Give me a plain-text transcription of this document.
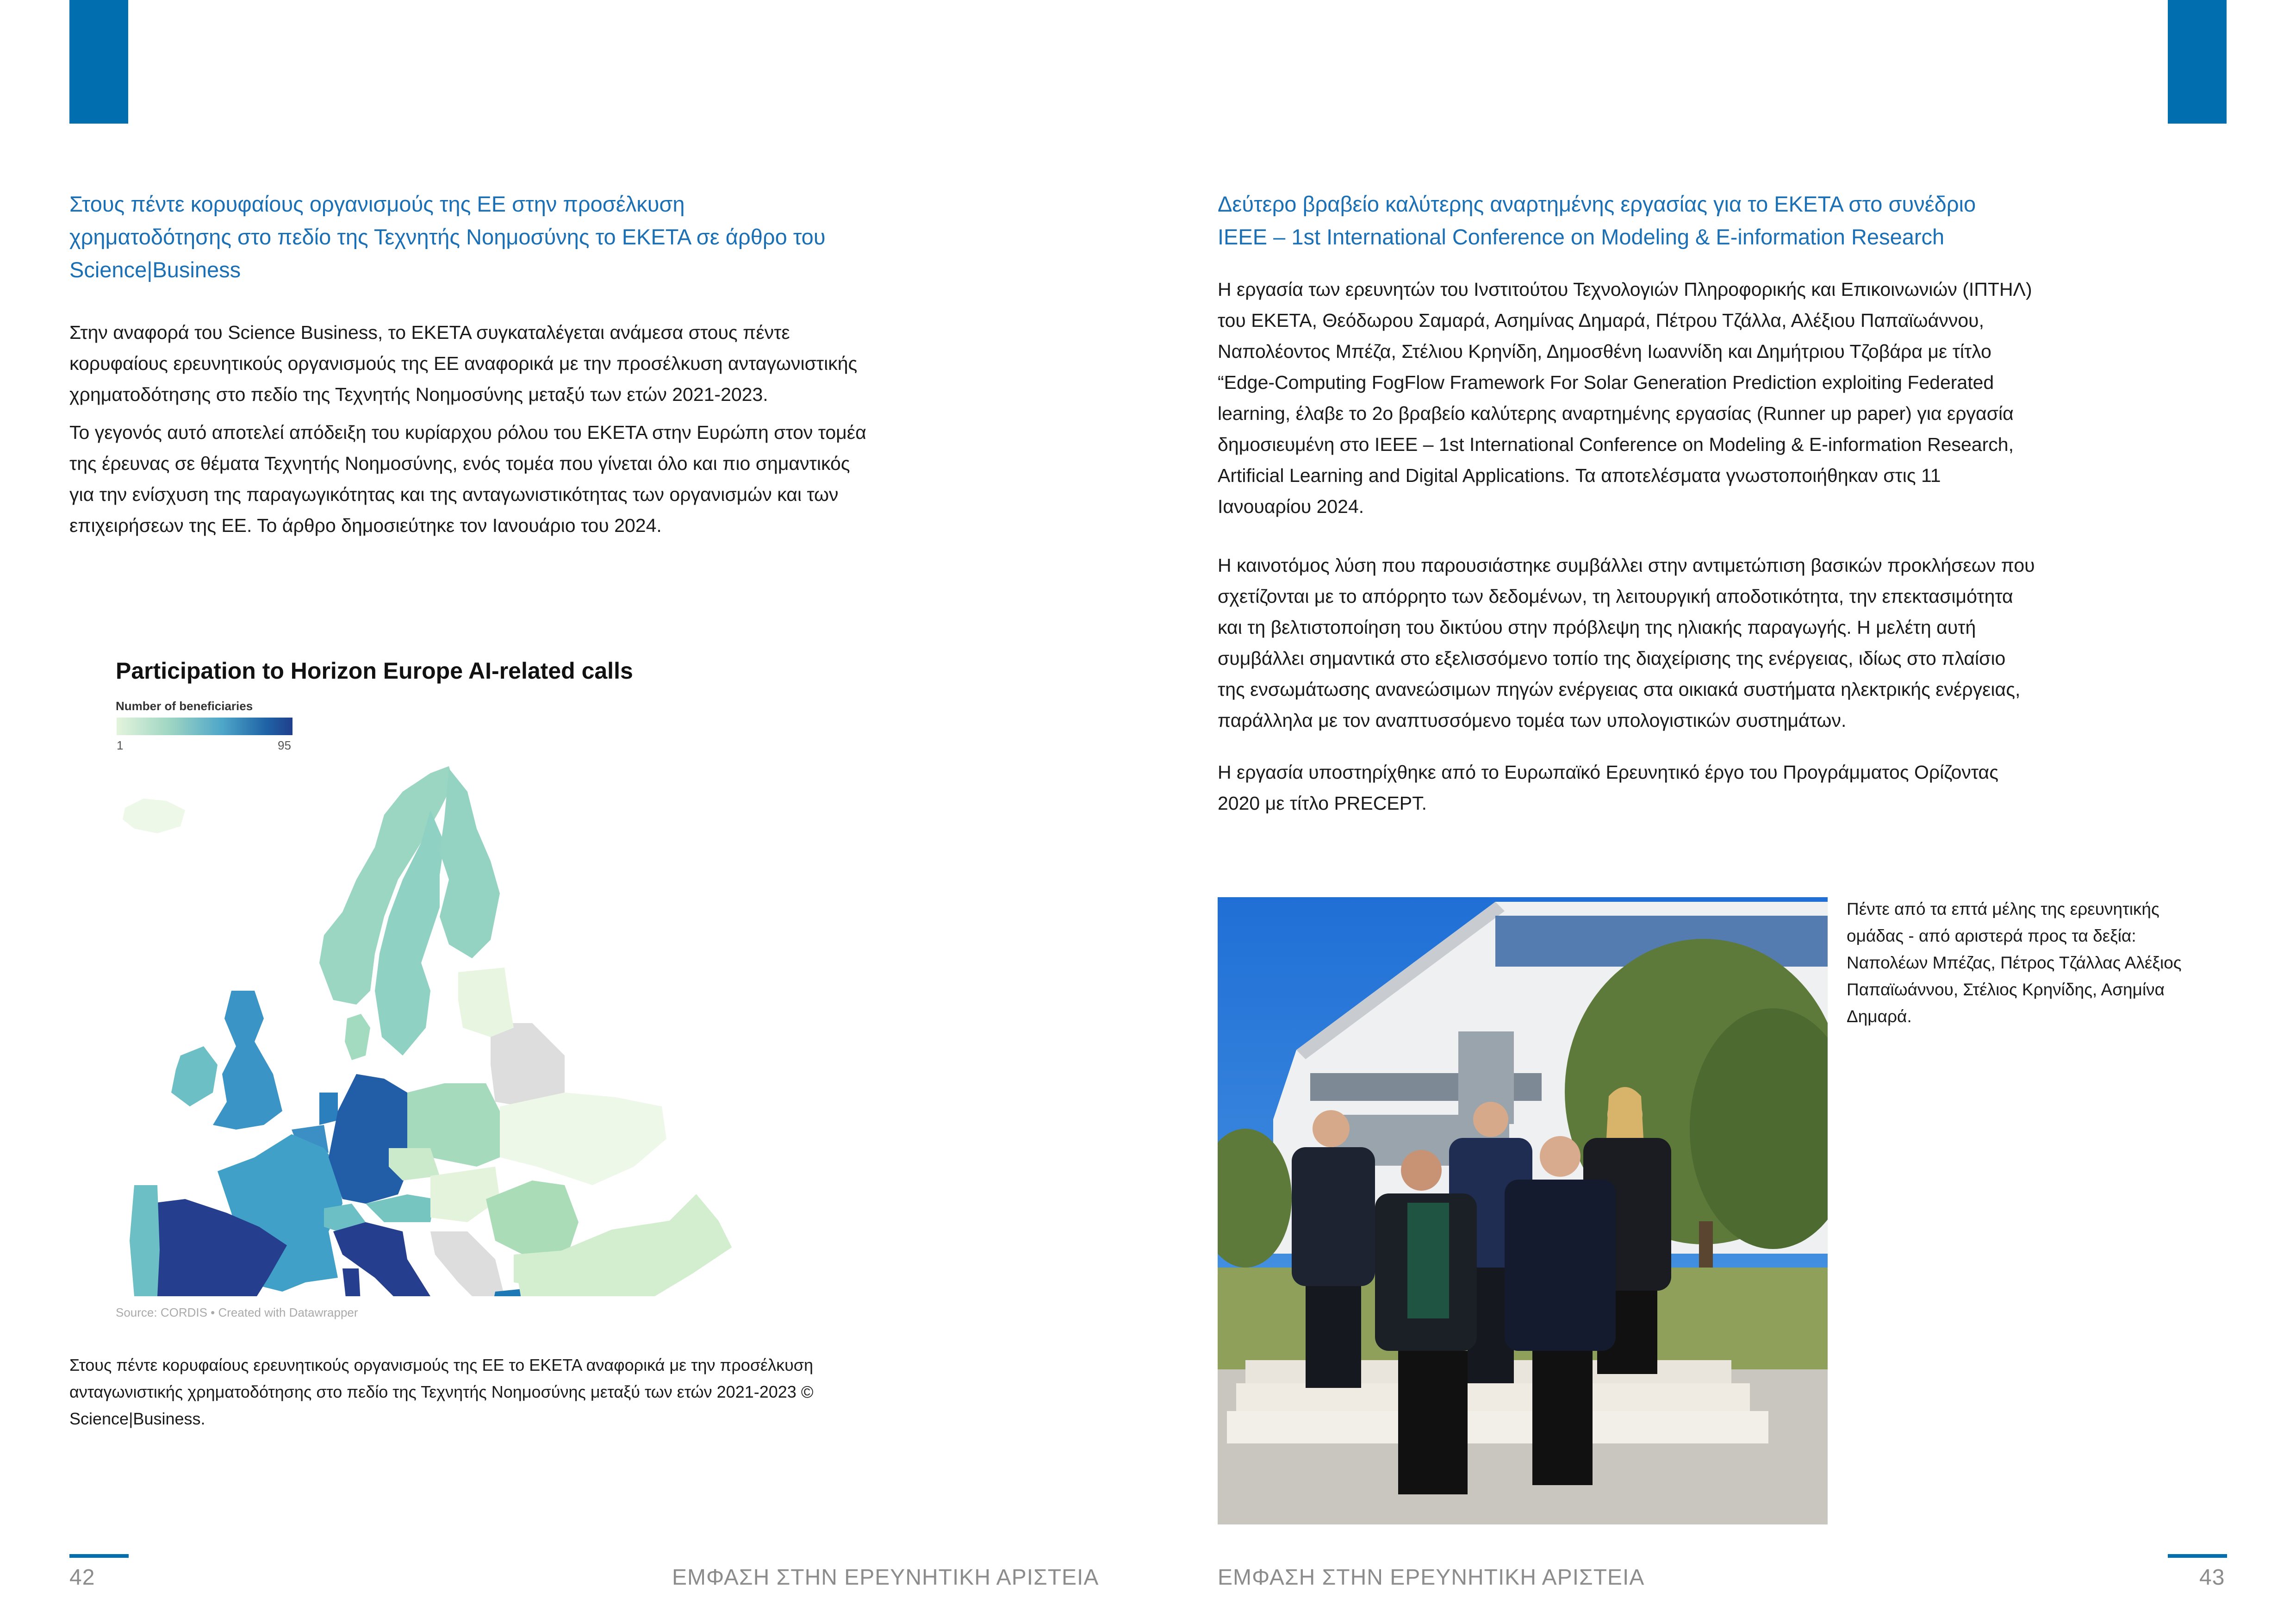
Στους πέντε κορυφαίους οργανισμούς της ΕΕ στην προσέλκυση
χρηματοδότησης στο πεδίο της Τεχνητής Νοημοσύνης το ΕΚΕΤΑ σε άρθρο του
Science|Business

Στην αναφορά του Science Business, το ΕΚΕΤΑ συγκαταλέγεται ανάμεσα στους πέντε κορυφαίους ερευνητικούς οργανισμούς της ΕΕ αναφορικά με την προσέλκυση ανταγωνιστικής χρηματοδότησης στο πεδίο της Τεχνητής Νοημοσύνης μεταξύ των ετών 2021-2023.

Το γεγονός αυτό αποτελεί απόδειξη του κυρίαρχου ρόλου του ΕΚΕΤΑ στην Ευρώπη στον τομέα της έρευνας σε θέματα Τεχνητής Νοημοσύνης, ενός τομέα που γίνεται όλο και πιο σημαντικός για την ενίσχυση της παραγωγικότητας και της ανταγωνιστικότητας των οργανισμών και των επιχειρήσεων της ΕΕ. Το άρθρο δημοσιεύτηκε τον Ιανουάριο του 2024.

Participation to Horizon Europe AI-related calls
Number of beneficiaries
1	95
Source: CORDIS • Created with Datawrapper
Στους πέντε κορυφαίους ερευνητικούς οργανισμούς της ΕΕ το ΕΚΕΤΑ αναφορικά με την προσέλκυση ανταγωνιστικής χρηματοδότησης στο πεδίο της Τεχνητής Νοημοσύνης μεταξύ των ετών 2021-2023 © Science|Business.
Δεύτερο βραβείο καλύτερης αναρτημένης εργασίας για το ΕΚΕΤΑ στο συνέδριο
IEEE – 1st International Conference on Modeling & E-information Research

Η εργασία των ερευνητών του Ινστιτούτου Τεχνολογιών Πληροφορικής και Επικοινωνιών (ΙΠΤΗΛ) του ΕΚΕΤΑ, Θεόδωρου Σαμαρά, Ασημίνας Δημαρά, Πέτρου Τζάλλα, Αλέξιου Παπαϊωάννου, Ναπολέοντος Μπέζα, Στέλιου Κρηνίδη, Δημοσθένη Ιωαννίδη και Δημήτριου Τζοβάρα με τίτλο “Edge-Computing FogFlow Framework For Solar Generation Prediction exploiting Federated learning, έλαβε το 2ο βραβείο καλύτερης αναρτημένης εργασίας (Runner up paper) για εργασία δημοσιευμένη στο IEEE – 1st International Conference on Modeling & E-information Research, Artificial Learning and Digital Applications. Τα αποτελέσματα γνωστοποιήθηκαν στις 11 Ιανουαρίου 2024.

Η καινοτόμος λύση που παρουσιάστηκε συμβάλλει στην αντιμετώπιση βασικών προκλήσεων που σχετίζονται με το απόρρητο των δεδομένων, τη λειτουργική αποδοτικότητα, την επεκτασιμότητα και τη βελτιστοποίηση του δικτύου στην πρόβλεψη της ηλιακής παραγωγής. Η μελέτη αυτή συμβάλλει σημαντικά στο εξελισσόμενο τοπίο της διαχείρισης της ενέργειας, ιδίως στο πλαίσιο της ενσωμάτωσης ανανεώσιμων πηγών ενέργειας στα οικιακά συστήματα ηλεκτρικής ενέργειας, παράλληλα με τον αναπτυσσόμενο τομέα των υπολογιστικών συστημάτων.

Η εργασία υποστηρίχθηκε από το Ευρωπαϊκό Ερευνητικό έργο του Προγράμματος Ορίζοντας 2020 με τίτλο PRECEPT.

Πέντε από τα επτά μέλης της ερευνητικής ομάδας - από αριστερά προς τα δεξία: Ναπολέων Μπέζας, Πέτρος Τζάλλας Αλέξιος Παπαϊωάννου, Στέλιος Κρηνίδης, Ασημίνα Δημαρά.
42	ΕΜΦΑΣΗ ΣΤΗΝ ΕΡΕΥΝΗΤΙΚΗ ΑΡΙΣΤΕΙΑ	ΕΜΦΑΣΗ ΣΤΗΝ ΕΡΕΥΝΗΤΙΚΗ ΑΡΙΣΤΕΙΑ	43
